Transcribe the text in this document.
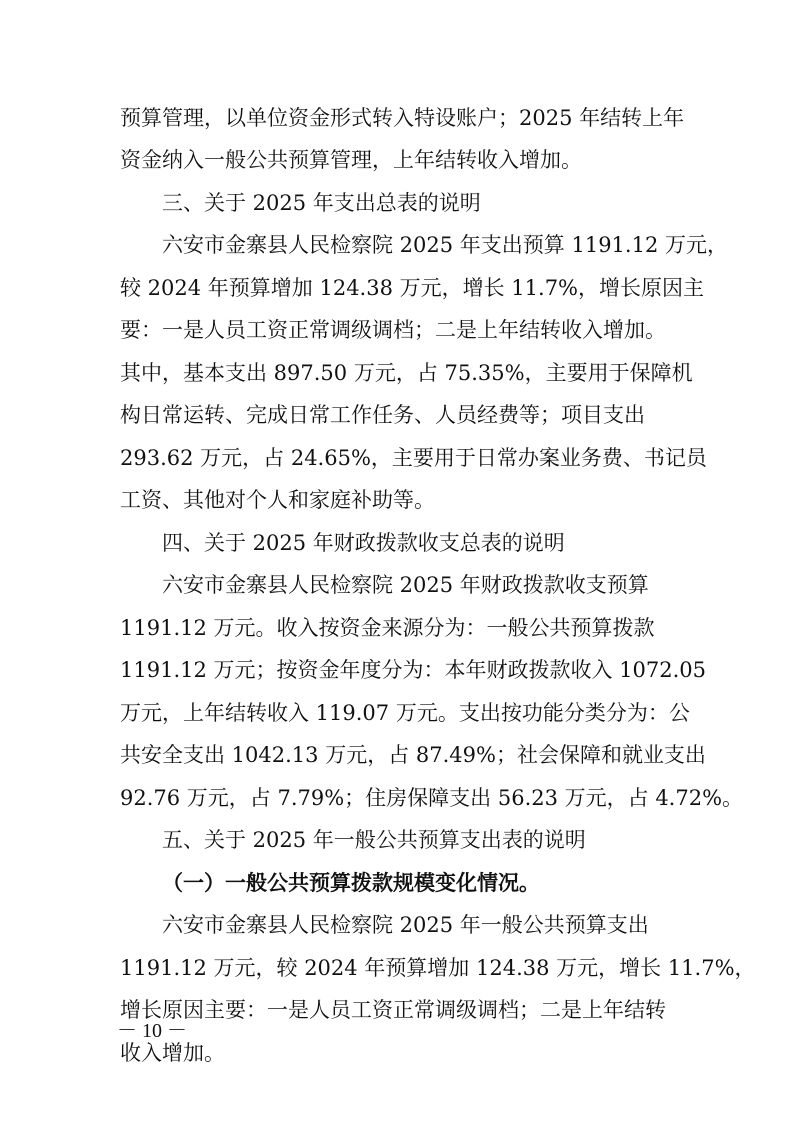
预算管理，以单位资金形式转入特设账户；2025 年结转上年
资金纳入一般公共预算管理，上年结转收入增加。
三、关于 2025 年支出总表的说明
六安市金寨县人民检察院 2025 年支出预算 1191.12 万元，
较 2024 年预算增加 124.38 万元，增长 11.7%，增长原因主
要：一是人员工资正常调级调档；二是上年结转收入增加。
其中，基本支出 897.50 万元，占 75.35%，主要用于保障机
构日常运转、完成日常工作任务、人员经费等；项目支出
293.62 万元，占 24.65%，主要用于日常办案业务费、书记员
工资、其他对个人和家庭补助等。
四、关于 2025 年财政拨款收支总表的说明
六安市金寨县人民检察院 2025 年财政拨款收支预算
1191.12 万元。收入按资金来源分为：一般公共预算拨款
1191.12 万元；按资金年度分为：本年财政拨款收入 1072.05
万元，上年结转收入 119.07 万元。支出按功能分类分为：公
共安全支出 1042.13 万元，占 87.49%；社会保障和就业支出
92.76 万元，占 7.79%；住房保障支出 56.23 万元，占 4.72%。
五、关于 2025 年一般公共预算支出表的说明
（一）一般公共预算拨款规模变化情况。
六安市金寨县人民检察院 2025 年一般公共预算支出
1191.12 万元，较 2024 年预算增加 124.38 万元，增长 11.7%，
增长原因主要：一是人员工资正常调级调档；二是上年结转
收入增加。
－ 10 －
